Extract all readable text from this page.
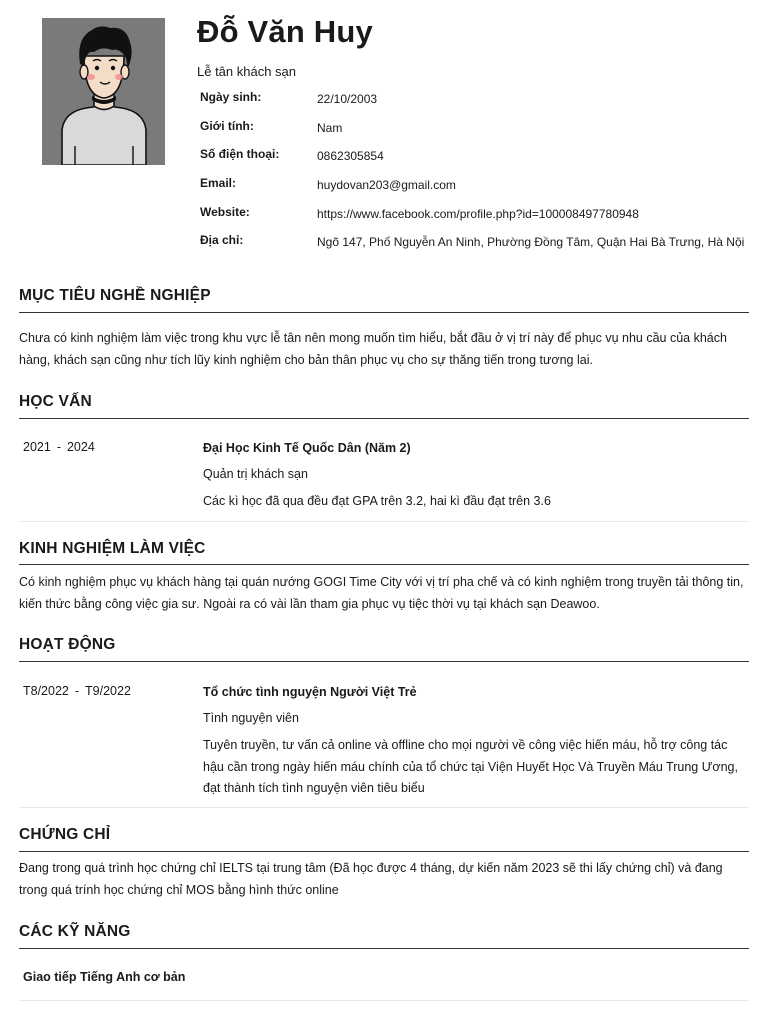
Đỗ Văn Huy
Lễ tân khách sạn
Ngày sinh:	22/10/2003
Giới tính:	Nam
Số điện thoại:	0862305854
Email:	huydovan203@gmail.com
Website:	https://www.facebook.com/profile.php?id=100008497780948
Địa chỉ:	Ngõ 147, Phố Nguyễn An Ninh, Phường Đồng Tâm, Quận Hai Bà Trưng, Hà Nội
MỤC TIÊU NGHỀ NGHIỆP
Chưa có kinh nghiệm làm việc trong khu vực lễ tân nên mong muốn tìm hiểu, bắt đầu ở vị trí này để phục vụ nhu cầu của khách hàng, khách sạn cũng như tích lũy kinh nghiệm cho bản thân phục vụ cho sự thăng tiến trong tương lai.
HỌC VẤN
2021 - 2024	Đại Học Kinh Tế Quốc Dân (Năm 2)
Quản trị khách sạn
Các kì học đã qua đều đạt GPA trên 3.2, hai kì đầu đạt trên 3.6
KINH NGHIỆM LÀM VIỆC
Có kinh nghiệm phục vụ khách hàng tại quán nướng GOGI Time City với vị trí pha chế và có kinh nghiệm trong truyền tải thông tin, kiến thức bằng công việc gia sư. Ngoài ra có vài lần tham gia phục vụ tiệc thời vụ tại khách sạn Deawoo.
HOẠT ĐỘNG
T8/2022 - T9/2022	Tổ chức tình nguyện Người Việt Trẻ
Tình nguyện viên
Tuyên truyền, tư vấn cả online và offline cho mọi người về công việc hiến máu, hỗ trợ công tác hậu cần trong ngày hiến máu chính của tổ chức tại Viện Huyết Học Và Truyền Máu Trung Ương, đạt thành tích tình nguyện viên tiêu biểu
CHỨNG CHỈ
Đang trong quá trình học chứng chỉ IELTS tại trung tâm (Đã học được 4 tháng, dự kiến năm 2023 sẽ thi lấy chứng chỉ) và đang trong quá trính học chứng chỉ MOS bằng hình thức online
CÁC KỸ NĂNG
Giao tiếp Tiếng Anh cơ bản
